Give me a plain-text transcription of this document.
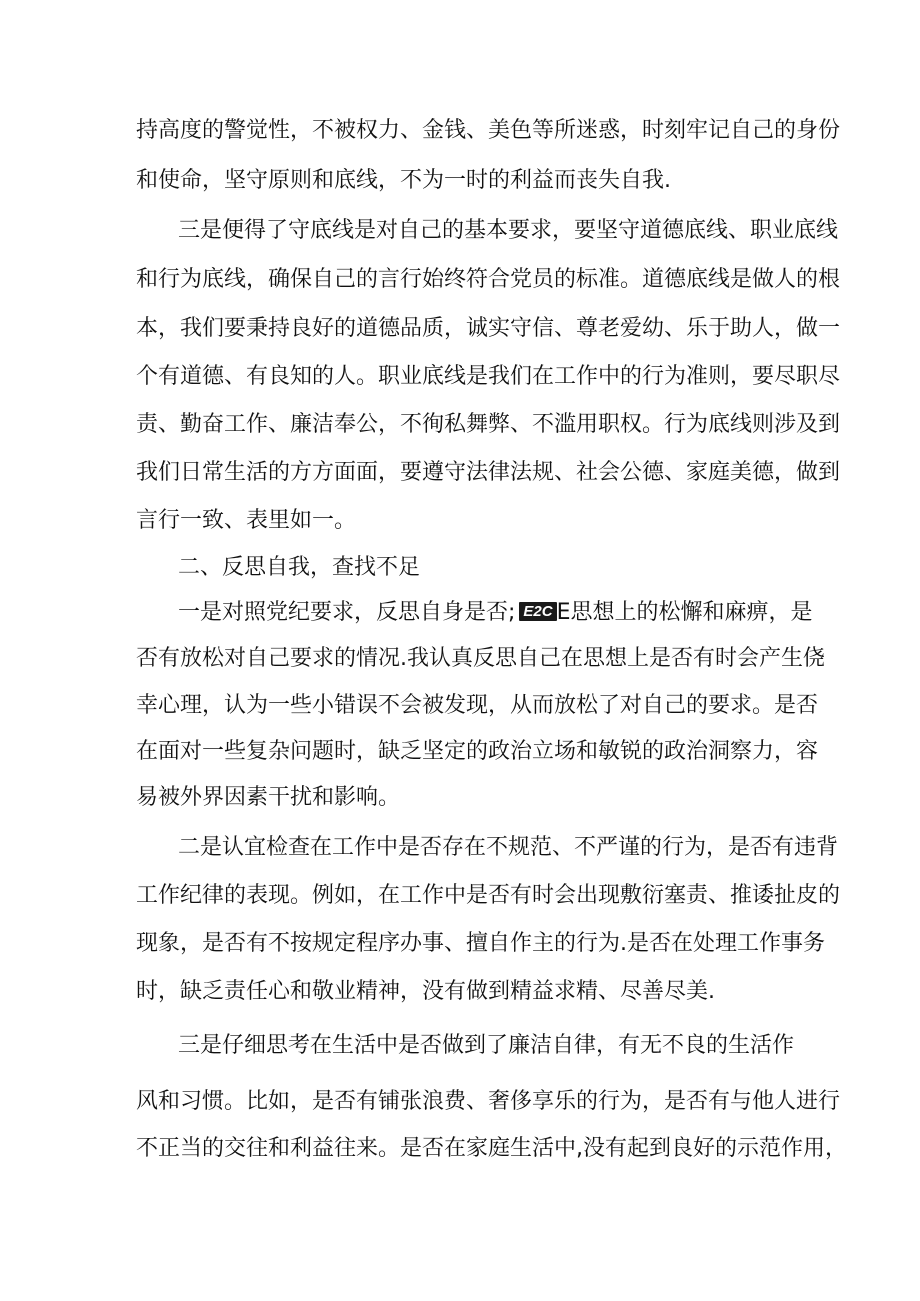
持高度的警觉性，不被权力、金钱、美色等所迷惑，时刻牢记自己的身份
和使命，坚守原则和底线，不为一时的利益而丧失自我.
三是便得了守底线是对自己的基本要求，要坚守道德底线、职业底线
和行为底线，确保自己的言行始终符合党员的标准。道德底线是做人的根
本，我们要秉持良好的道德品质，诚实守信、尊老爱幼、乐于助人，做一
个有道德、有良知的人。职业底线是我们在工作中的行为准则，要尽职尽
责、勤奋工作、廉洁奉公，不徇私舞弊、不滥用职权。行为底线则涉及到
我们日常生活的方方面面，要遵守法律法规、社会公德、家庭美德，做到
言行一致、表里如一。
二、反思自我，查找不足
一是对照党纪要求，反思自身是否; E2C E思想上的松懈和麻痹，是
否有放松对自己要求的情况.我认真反思自己在思想上是否有时会产生侥
幸心理，认为一些小错误不会被发现，从而放松了对自己的要求。是否
在面对一些复杂问题时，缺乏坚定的政治立场和敏锐的政治洞察力，容
易被外界因素干扰和影响。
二是认宜检查在工作中是否存在不规范、不严谨的行为，是否有违背
工作纪律的表现。例如，在工作中是否有时会出现敷衍塞责、推诿扯皮的
现象，是否有不按规定程序办事、擅自作主的行为.是否在处理工作事务
时，缺乏责任心和敬业精神，没有做到精益求精、尽善尽美.
三是仔细思考在生活中是否做到了廉洁自律，有无不良的生活作
风和习惯。比如，是否有铺张浪费、奢侈享乐的行为，是否有与他人进行
不正当的交往和利益往来。是否在家庭生活中,没有起到良好的示范作用，
